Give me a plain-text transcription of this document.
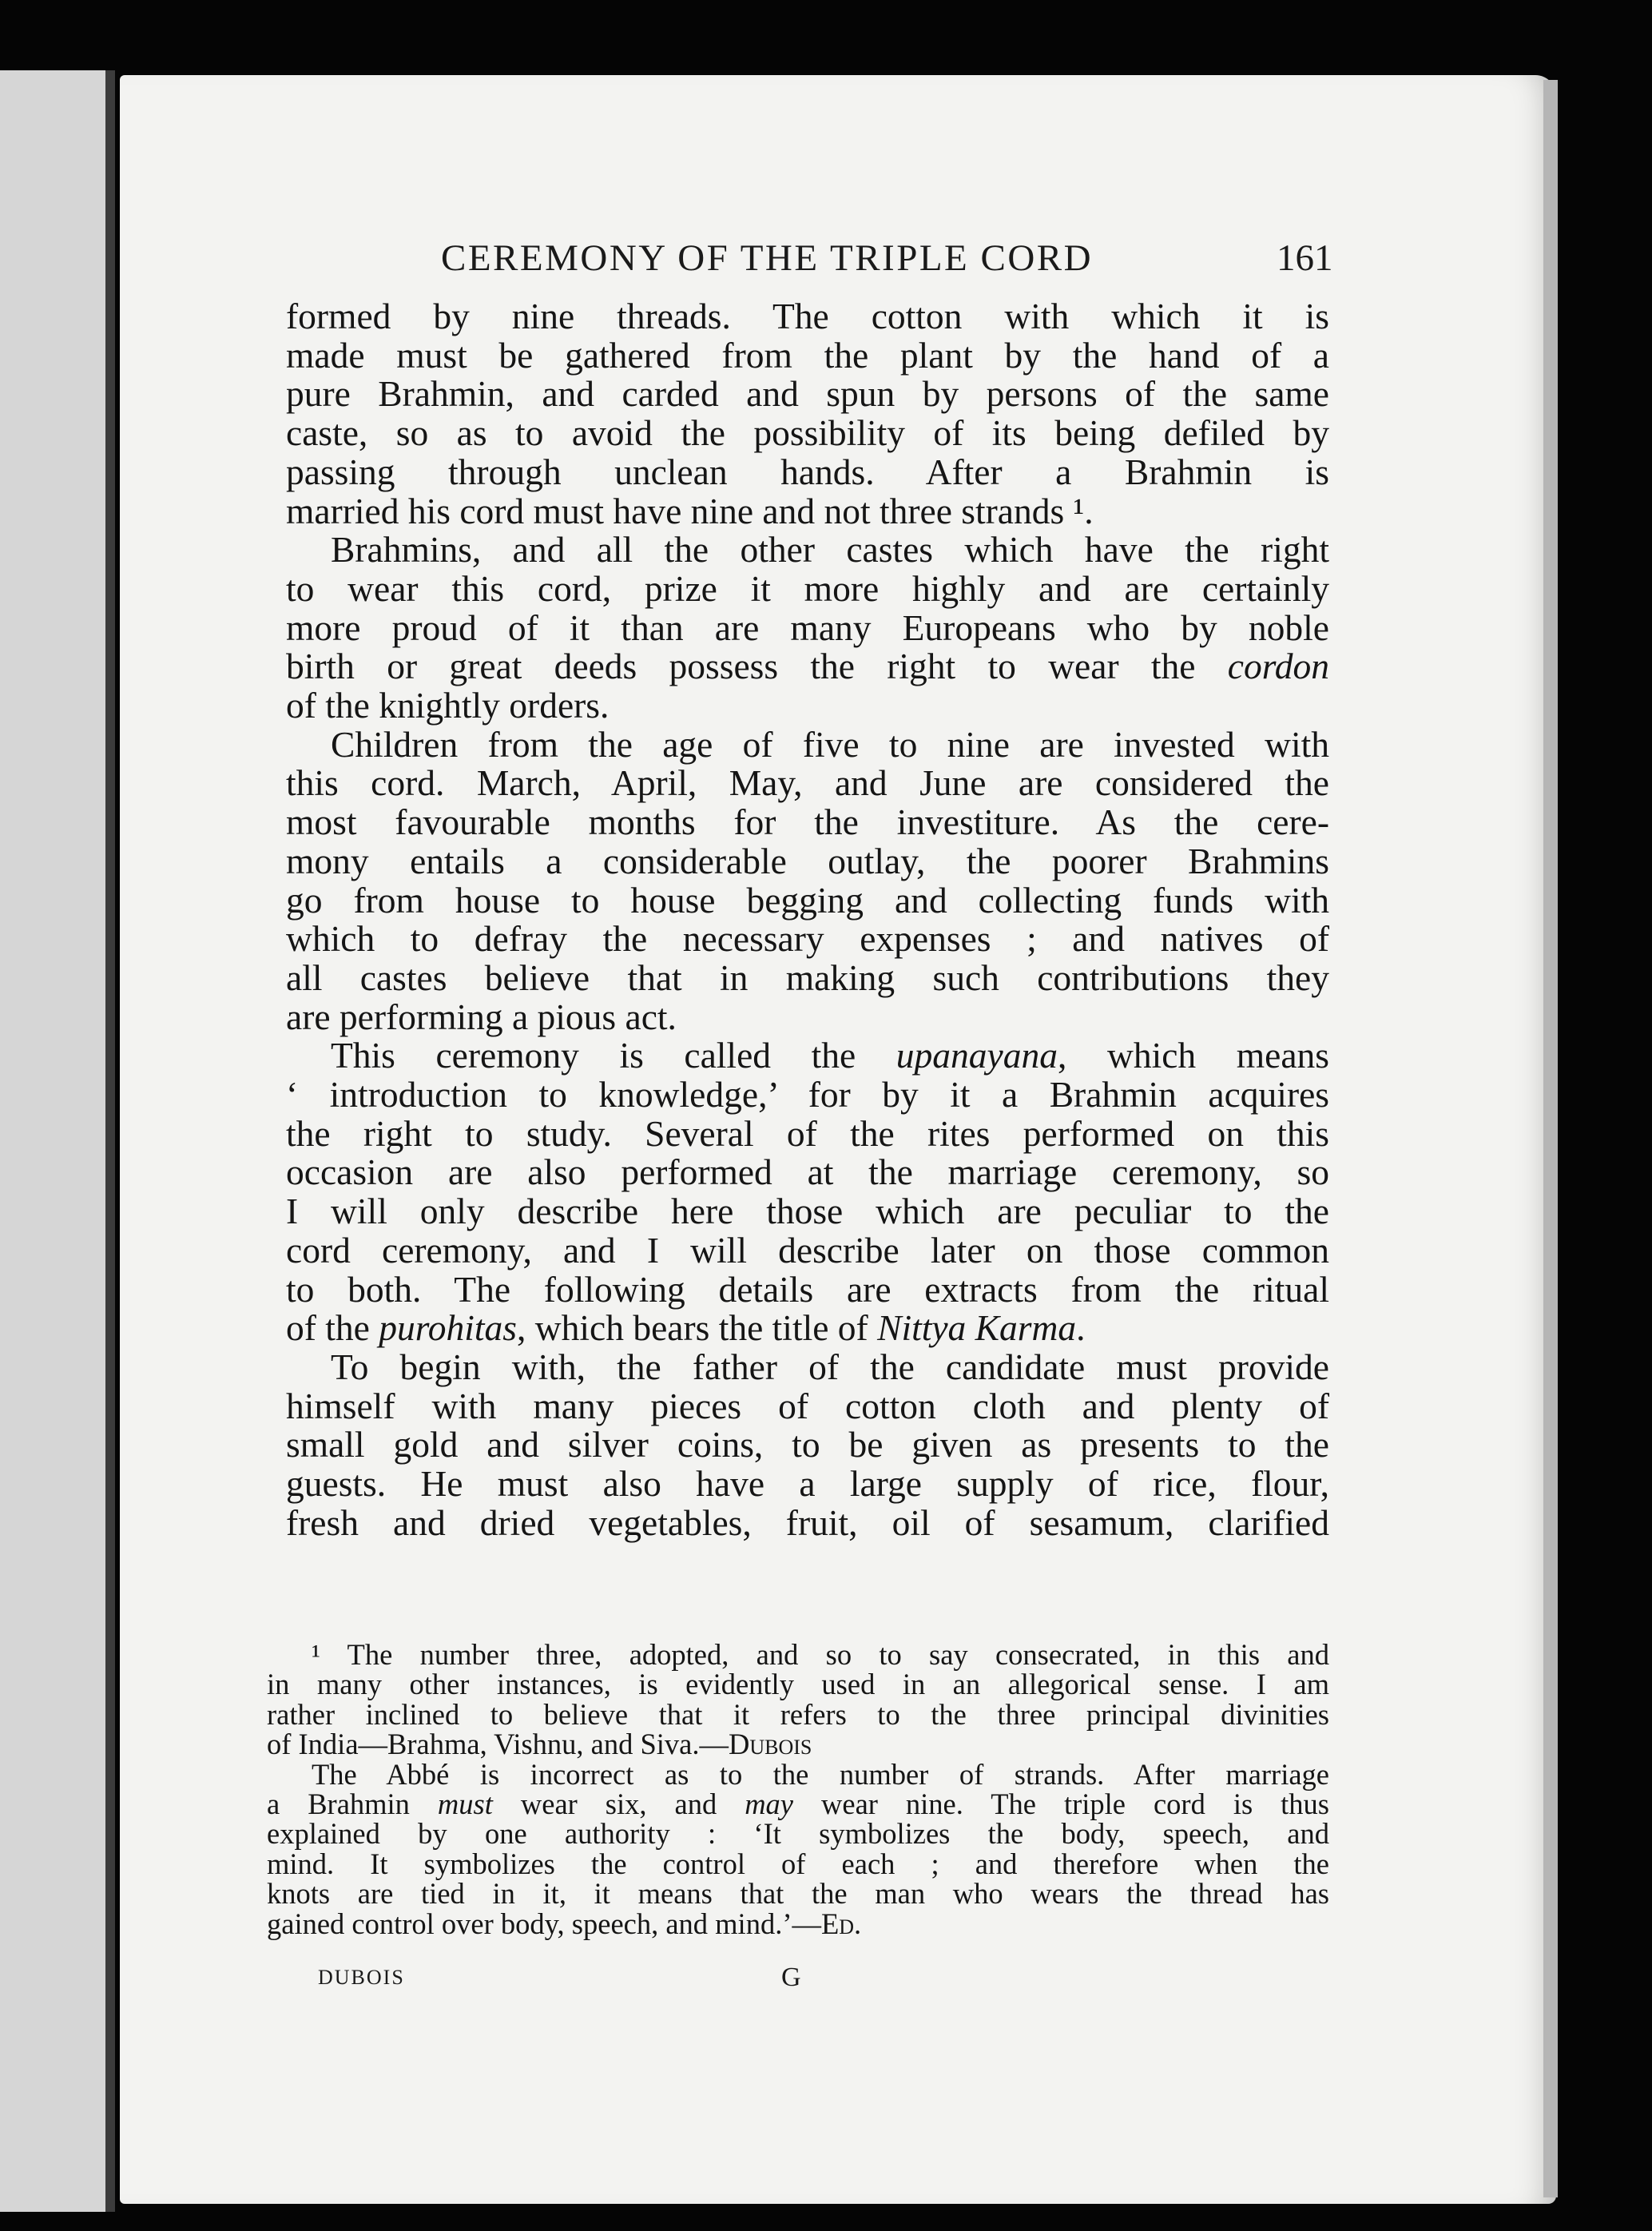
CEREMONY OF THE TRIPLE CORD	161
formed by nine threads. The cotton with which it is
made must be gathered from the plant by the hand of a
pure Brahmin, and carded and spun by persons of the same
caste, so as to avoid the possibility of its being defiled by
passing through unclean hands. After a Brahmin is
married his cord must have nine and not three strands ¹.
Brahmins, and all the other castes which have the right
to wear this cord, prize it more highly and are certainly
more proud of it than are many Europeans who by noble
birth or great deeds possess the right to wear the cordon
of the knightly orders.
Children from the age of five to nine are invested with
this cord. March, April, May, and June are considered the
most favourable months for the investiture. As the cere-
mony entails a considerable outlay, the poorer Brahmins
go from house to house begging and collecting funds with
which to defray the necessary expenses ; and natives of
all castes believe that in making such contributions they
are performing a pious act.
This ceremony is called the upanayana, which means
‘ introduction to knowledge,’ for by it a Brahmin acquires
the right to study. Several of the rites performed on this
occasion are also performed at the marriage ceremony, so
I will only describe here those which are peculiar to the
cord ceremony, and I will describe later on those common
to both. The following details are extracts from the ritual
of the purohitas, which bears the title of Nittya Karma.
To begin with, the father of the candidate must provide
himself with many pieces of cotton cloth and plenty of
small gold and silver coins, to be given as presents to the
guests. He must also have a large supply of rice, flour,
fresh and dried vegetables, fruit, oil of sesamum, clarified
¹ The number three, adopted, and so to say consecrated, in this and
in many other instances, is evidently used in an allegorical sense. I am
rather inclined to believe that it refers to the three principal divinities
of India—Brahma, Vishnu, and Siva.—Dubois
The Abbé is incorrect as to the number of strands. After marriage
a Brahmin must wear six, and may wear nine. The triple cord is thus
explained by one authority : ‘It symbolizes the body, speech, and
mind. It symbolizes the control of each ; and therefore when the
knots are tied in it, it means that the man who wears the thread has
gained control over body, speech, and mind.’—Ed.
DUBOIS	G
